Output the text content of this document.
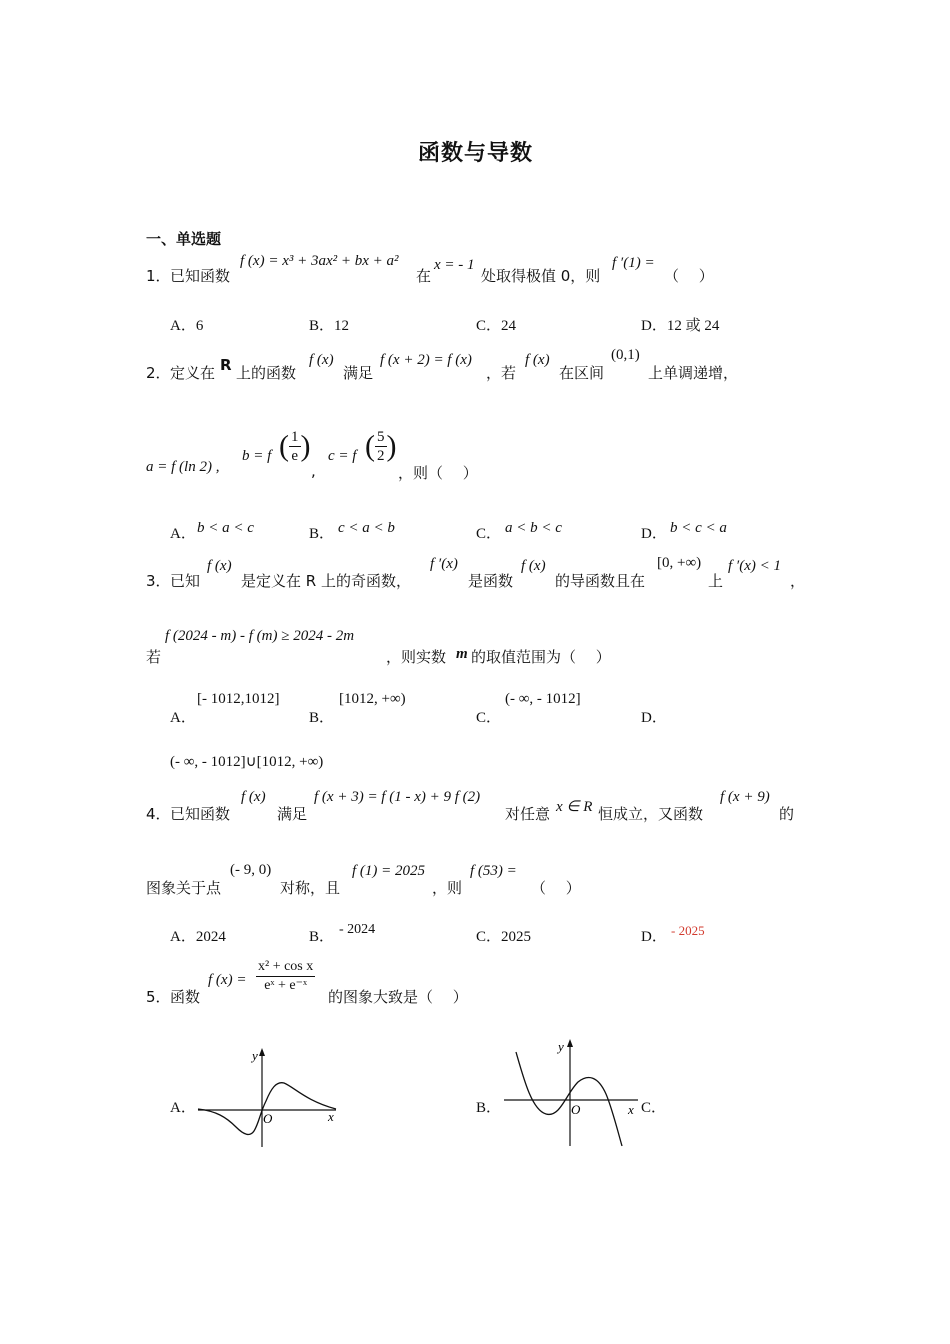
函数与导数
一、单选题
1． 已知函数
f (x) = x³ + 3ax² + bx + a²
在
x = - 1
处取得极值 0，则
f ′(1) =
（　 ）
A．6	B．12	C．24	D．12 或 24
2． 定义在 R 上的函数
f (x)
满足
f (x + 2) = f (x)
，若
f (x)
在区间
(0,1)
上单调递增，
a = f (ln 2) ,
b = f ( $\frac{1}{e}$ )
,
c = f ( $\frac{5}{2}$ )
，则（　 ）
A． b < a < c	B． c < a < b	C． a < b < c	D． b < c < a
3． 已知
f (x)
是定义在 R 上的奇函数，
f ′(x)
是函数
f (x)
的导函数且在
[0, +∞)
上
f ′(x) < 1
，
若
f (2024 - m) - f (m) ≥ 2024 - 2m
，则实数 m 的取值范围为（　 ）
A．
[- 1012,1012]
B．
[1012, +∞)
C．
(- ∞, - 1012]
D．
(- ∞, - 1012]∪[1012, +∞)
4． 已知函数
f (x)
满足
f (x + 3) = f (1 - x) + 9 f (2)
对任意 x ∈ R 恒成立，又函数
f (x + 9)
的
图象关于点
(- 9, 0)
对称，且
f (1) = 2025
，则
f (53) =
（　 ）
A．2024	B． - 2024	C．2025	D． - 2025
5． 函数
f $(x) = \frac{\text{x² + cos x}}{\text{eˣ + e⁻ˣ}}$
的图象大致是（　 ）
A．
y
x
O
B．
y
x
O	C．
